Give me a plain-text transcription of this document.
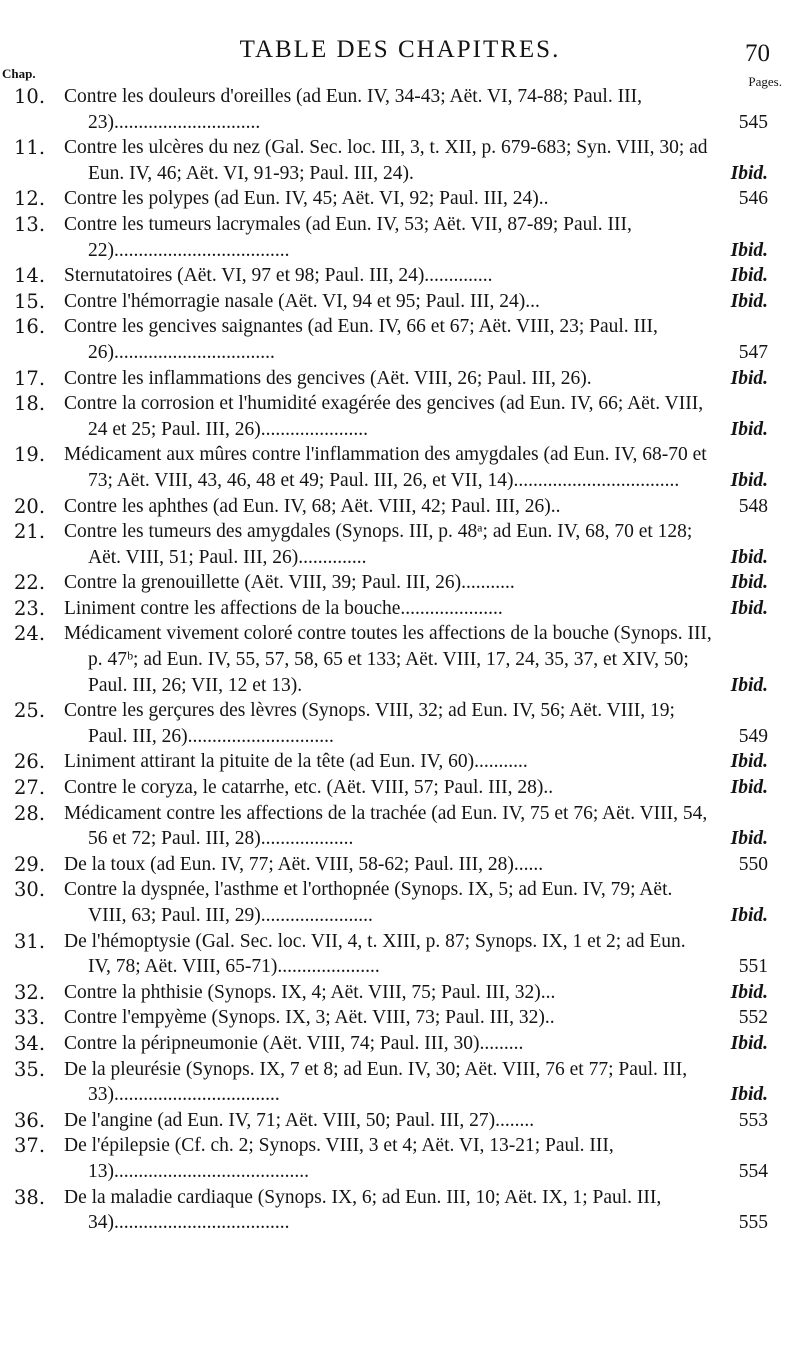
TABLE DES CHAPITRES.	70
Chap.
Pages.
10. Contre les douleurs d'oreilles (ad Eun. IV, 34-43; Aët. VI, 74-88; Paul. III, 23)..............................	545
11. Contre les ulcères du nez (Gal. Sec. loc. III, 3, t. XII, p. 679-683; Syn. VIII, 30; ad Eun. IV, 46; Aët. VI, 91-93; Paul. III, 24).	Ibid.
12. Contre les polypes (ad Eun. IV, 45; Aët. VI, 92; Paul. III, 24)..	546
13. Contre les tumeurs lacrymales (ad Eun. IV, 53; Aët. VII, 87-89; Paul. III, 22)....................................	Ibid.
14. Sternutatoires (Aët. VI, 97 et 98; Paul. III, 24)..............	Ibid.
15. Contre l'hémorragie nasale (Aët. VI, 94 et 95; Paul. III, 24)...	Ibid.
16. Contre les gencives saignantes (ad Eun. IV, 66 et 67; Aët. VIII, 23; Paul. III, 26).................................	547
17. Contre les inflammations des gencives (Aët. VIII, 26; Paul. III, 26).	Ibid.
18. Contre la corrosion et l'humidité exagérée des gencives (ad Eun. IV, 66; Aët. VIII, 24 et 25; Paul. III, 26)......................	Ibid.
19. Médicament aux mûres contre l'inflammation des amygdales (ad Eun. IV, 68-70 et 73; Aët. VIII, 43, 46, 48 et 49; Paul. III, 26, et VII, 14)..................................	Ibid.
20. Contre les aphthes (ad Eun. IV, 68; Aët. VIII, 42; Paul. III, 26)..	548
21. Contre les tumeurs des amygdales (Synops. III, p. 48ᵃ; ad Eun. IV, 68, 70 et 128; Aët. VIII, 51; Paul. III, 26)..............	Ibid.
22. Contre la grenouillette (Aët. VIII, 39; Paul. III, 26)...........	Ibid.
23. Liniment contre les affections de la bouche.....................	Ibid.
24. Médicament vivement coloré contre toutes les affections de la bouche (Synops. III, p. 47ᵇ; ad Eun. IV, 55, 57, 58, 65 et 133; Aët. VIII, 17, 24, 35, 37, et XIV, 50; Paul. III, 26; VII, 12 et 13).	Ibid.
25. Contre les gerçures des lèvres (Synops. VIII, 32; ad Eun. IV, 56; Aët. VIII, 19; Paul. III, 26)..............................	549
26. Liniment attirant la pituite de la tête (ad Eun. IV, 60)...........	Ibid.
27. Contre le coryza, le catarrhe, etc. (Aët. VIII, 57; Paul. III, 28)..	Ibid.
28. Médicament contre les affections de la trachée (ad Eun. IV, 75 et 76; Aët. VIII, 54, 56 et 72; Paul. III, 28)...................	Ibid.
29. De la toux (ad Eun. IV, 77; Aët. VIII, 58-62; Paul. III, 28)......	550
30. Contre la dyspnée, l'asthme et l'orthopnée (Synops. IX, 5; ad Eun. IV, 79; Aët. VIII, 63; Paul. III, 29).......................	Ibid.
31. De l'hémoptysie (Gal. Sec. loc. VII, 4, t. XIII, p. 87; Synops. IX, 1 et 2; ad Eun. IV, 78; Aët. VIII, 65-71).....................	551
32. Contre la phthisie (Synops. IX, 4; Aët. VIII, 75; Paul. III, 32)...	Ibid.
33. Contre l'empyème (Synops. IX, 3; Aët. VIII, 73; Paul. III, 32)..	552
34. Contre la péripneumonie (Aët. VIII, 74; Paul. III, 30).........	Ibid.
35. De la pleurésie (Synops. IX, 7 et 8; ad Eun. IV, 30; Aët. VIII, 76 et 77; Paul. III, 33)..................................	Ibid.
36. De l'angine (ad Eun. IV, 71; Aët. VIII, 50; Paul. III, 27)........	553
37. De l'épilepsie (Cf. ch. 2; Synops. VIII, 3 et 4; Aët. VI, 13-21; Paul. III, 13)........................................	554
38. De la maladie cardiaque (Synops. IX, 6; ad Eun. III, 10; Aët. IX, 1; Paul. III, 34)....................................	555
